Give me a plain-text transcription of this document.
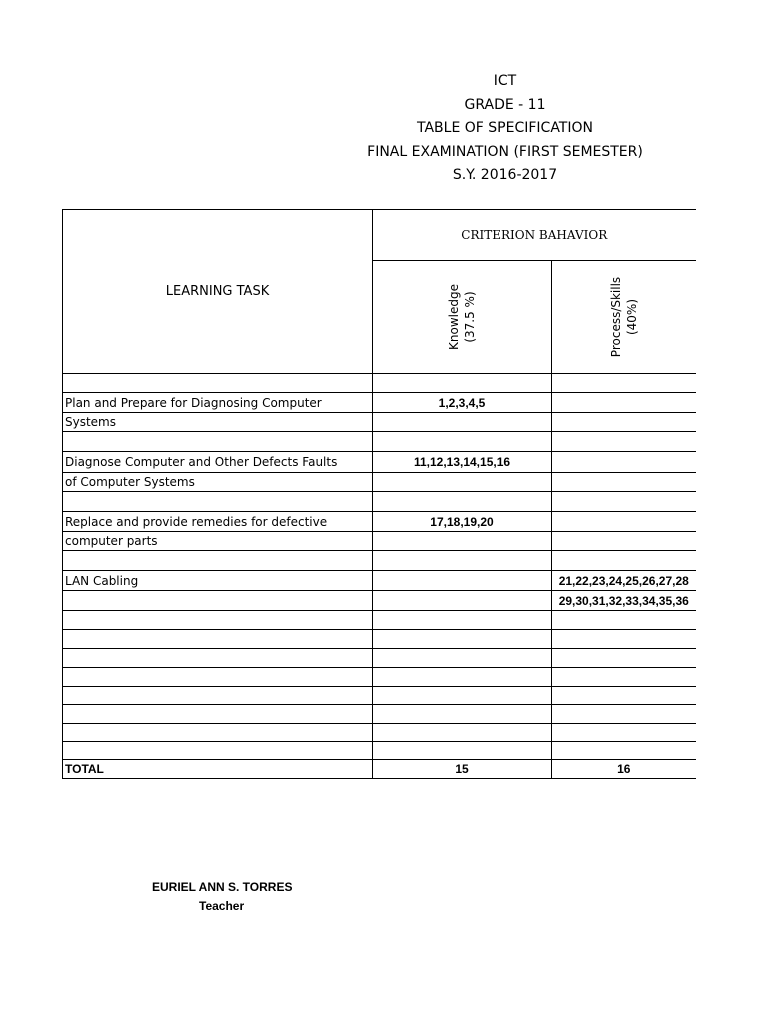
ICT
GRADE - 11
TABLE OF SPECIFICATION
FINAL EXAMINATION (FIRST SEMESTER)
S.Y. 2016-2017
LEARNING TASK	CRITERION BAHAVIOR	

	Knowledge (37.5 %)	Process/Skills (40%)

Plan and Prepare for Diagnosing Computer	1,2,3,4,5	
Systems		

Diagnose Computer and Other Defects Faults	11,12,13,14,15,16	
of Computer Systems		

Replace and provide remedies for defective	17,18,19,20	
computer parts		

LAN Cabling		21,22,23,24,25,26,27,28
		29,30,31,32,33,34,35,36

TOTAL	15	16
EURIEL ANN S. TORRES
Teacher
